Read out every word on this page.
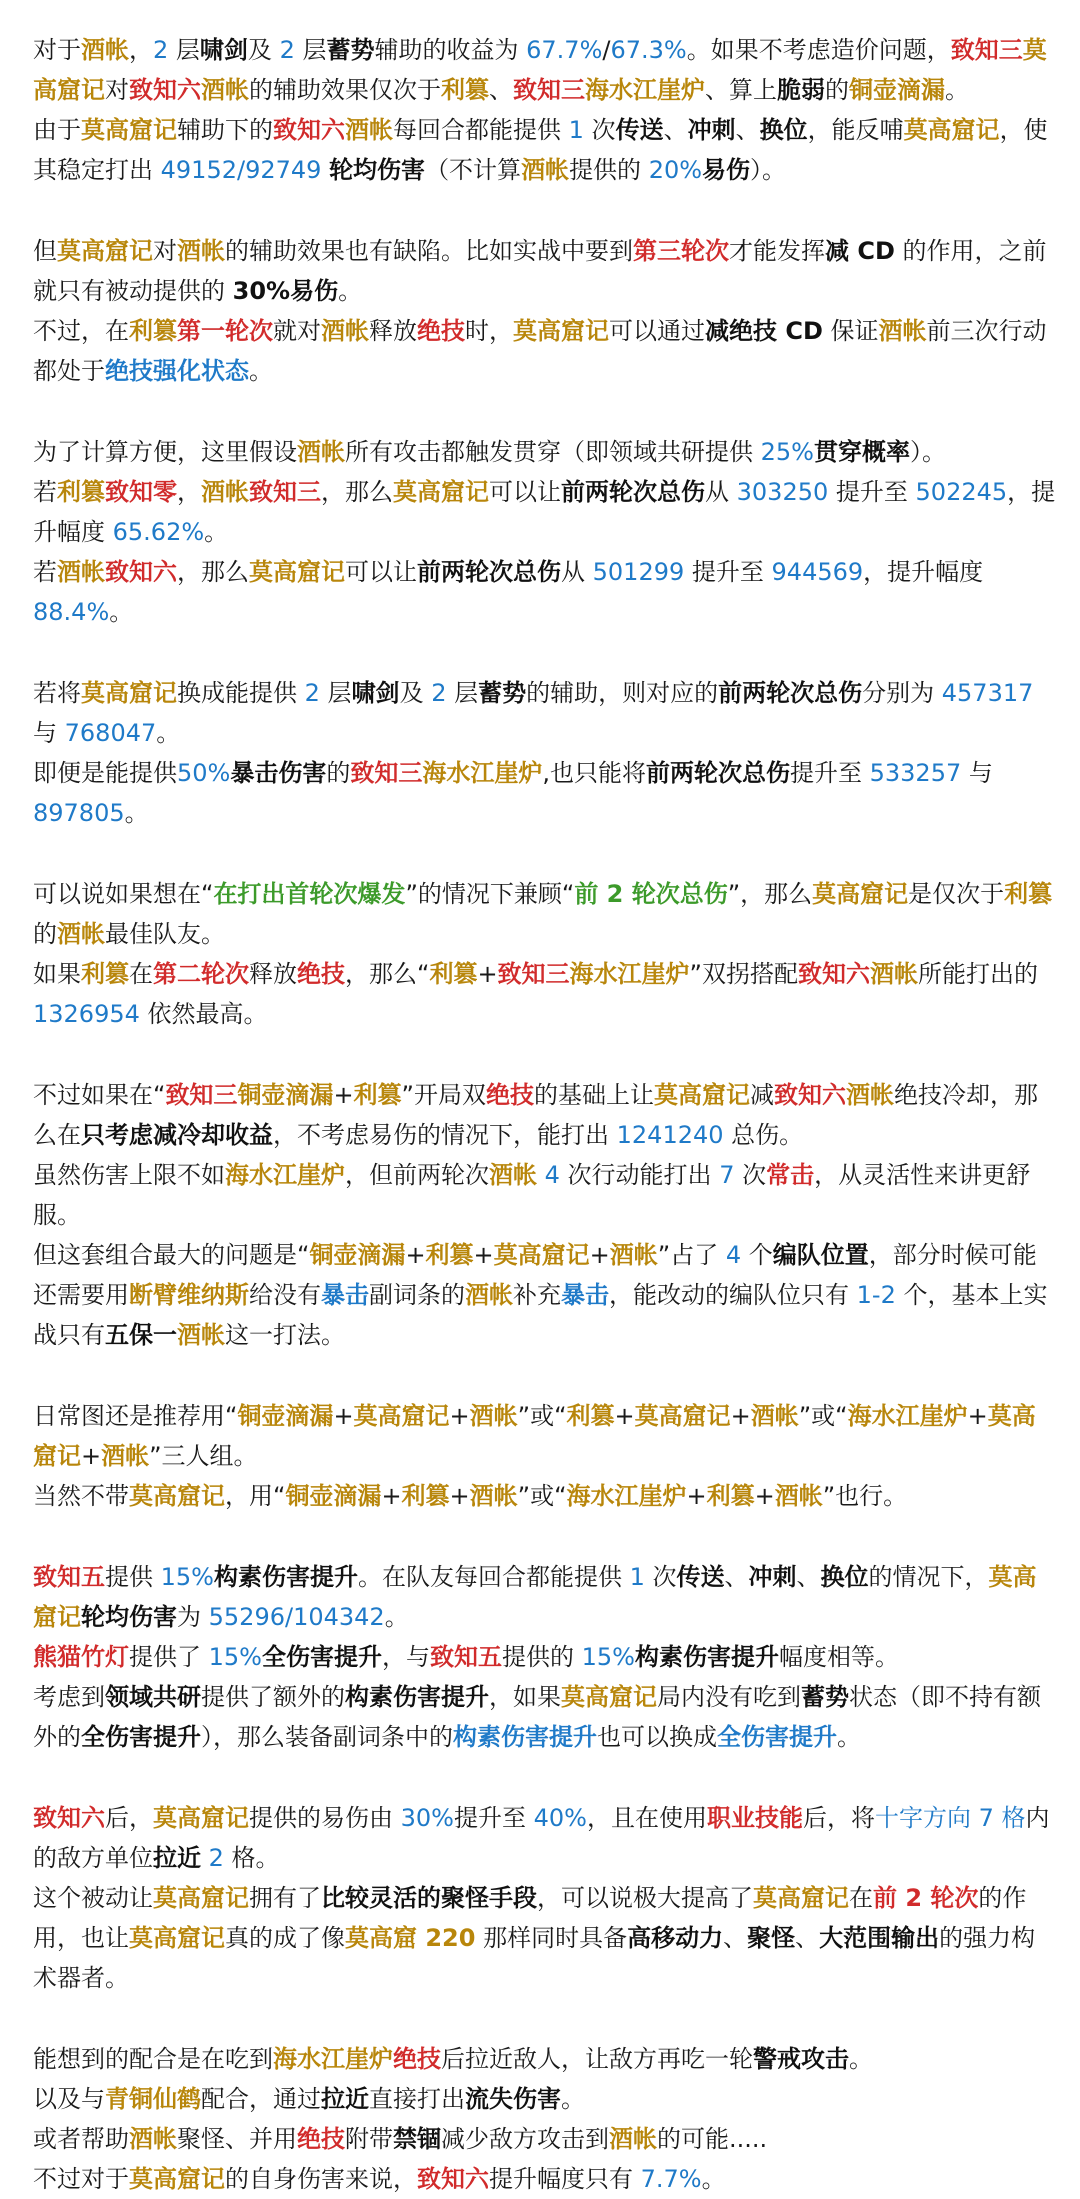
对于酒帐，2 层啸剑及 2 层蓄势辅助的收益为 67.7%/67.3%。如果不考虑造价问题，致知三莫高窟记对致知六酒帐的辅助效果仅次于利篡、致知三海水江崖炉、算上脆弱的铜壶滴漏。

由于莫高窟记辅助下的致知六酒帐每回合都能提供 1 次传送、冲刺、换位，能反哺莫高窟记，使其稳定打出 49152/92749 轮均伤害（不计算酒帐提供的 20%易伤）。

但莫高窟记对酒帐的辅助效果也有缺陷。比如实战中要到第三轮次才能发挥减 CD 的作用，之前就只有被动提供的 30%易伤。

不过，在利篡第一轮次就对酒帐释放绝技时，莫高窟记可以通过减绝技 CD 保证酒帐前三次行动都处于绝技强化状态。

为了计算方便，这里假设酒帐所有攻击都触发贯穿（即领域共研提供 25%贯穿概率）。

若利篡致知零，酒帐致知三，那么莫高窟记可以让前两轮次总伤从 303250 提升至 502245，提升幅度 65.62%。

若酒帐致知六，那么莫高窟记可以让前两轮次总伤从 501299 提升至 944569，提升幅度 88.4%。

若将莫高窟记换成能提供 2 层啸剑及 2 层蓄势的辅助，则对应的前两轮次总伤分别为 457317 与 768047。

即便是能提供50%暴击伤害的致知三海水江崖炉,也只能将前两轮次总伤提升至 533257 与 897805。

可以说如果想在“在打出首轮次爆发”的情况下兼顾“前 2 轮次总伤”，那么莫高窟记是仅次于利篡的酒帐最佳队友。

如果利篡在第二轮次释放绝技，那么“利篡+致知三海水江崖炉”双拐搭配致知六酒帐所能打出的 1326954 依然最高。

不过如果在“致知三铜壶滴漏+利篡”开局双绝技的基础上让莫高窟记减致知六酒帐绝技冷却，那么在只考虑减冷却收益，不考虑易伤的情况下，能打出 1241240 总伤。

虽然伤害上限不如海水江崖炉，但前两轮次酒帐 4 次行动能打出 7 次常击，从灵活性来讲更舒服。

但这套组合最大的问题是“铜壶滴漏+利篡+莫高窟记+酒帐”占了 4 个编队位置，部分时候可能还需要用断臂维纳斯给没有暴击副词条的酒帐补充暴击，能改动的编队位只有 1-2 个，基本上实战只有五保一酒帐这一打法。

日常图还是推荐用“铜壶滴漏+莫高窟记+酒帐”或“利篡+莫高窟记+酒帐”或“海水江崖炉+莫高窟记+酒帐”三人组。

当然不带莫高窟记，用“铜壶滴漏+利篡+酒帐”或“海水江崖炉+利篡+酒帐”也行。

致知五提供 15%构素伤害提升。在队友每回合都能提供 1 次传送、冲刺、换位的情况下，莫高窟记轮均伤害为 55296/104342。

熊猫竹灯提供了 15%全伤害提升，与致知五提供的 15%构素伤害提升幅度相等。

考虑到领域共研提供了额外的构素伤害提升，如果莫高窟记局内没有吃到蓄势状态（即不持有额外的全伤害提升），那么装备副词条中的构素伤害提升也可以换成全伤害提升。

致知六后，莫高窟记提供的易伤由 30%提升至 40%，且在使用职业技能后，将十字方向 7 格内的敌方单位拉近 2 格。

这个被动让莫高窟记拥有了比较灵活的聚怪手段，可以说极大提高了莫高窟记在前 2 轮次的作用，也让莫高窟记真的成了像莫高窟 220 那样同时具备高移动力、聚怪、大范围输出的强力构术器者。

能想到的配合是在吃到海水江崖炉绝技后拉近敌人，让敌方再吃一轮警戒攻击。

以及与青铜仙鹤配合，通过拉近直接打出流失伤害。

或者帮助酒帐聚怪、并用绝技附带禁锢减少敌方攻击到酒帐的可能.....

不过对于莫高窟记的自身伤害来说，致知六提升幅度只有 7.7%。
